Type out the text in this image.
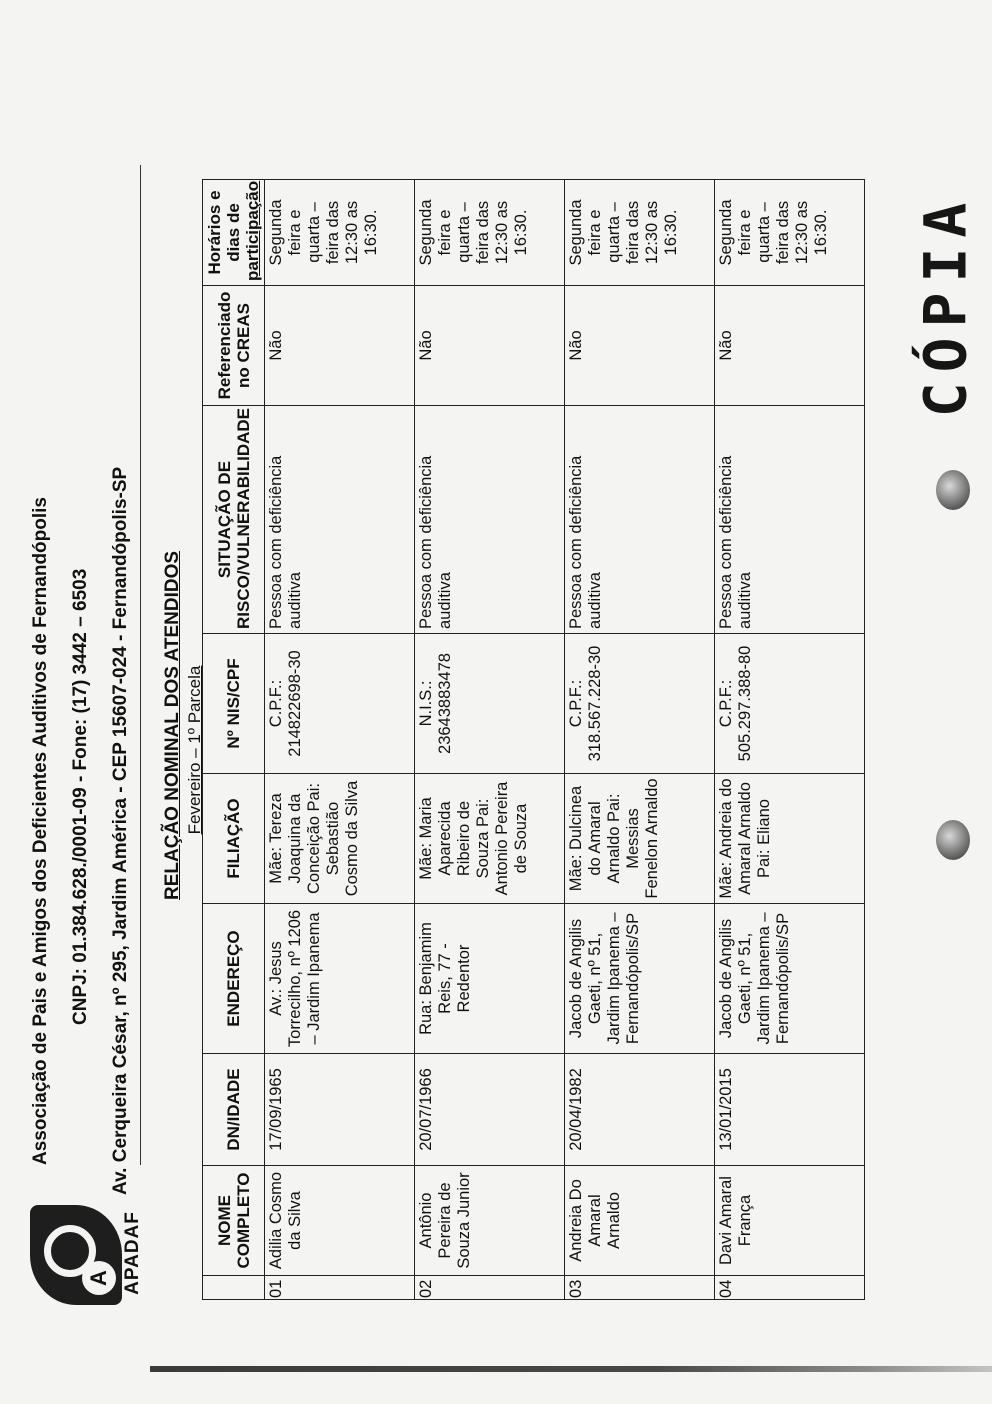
CÓPIA
A APADAF
Associação de Pais e Amigos dos Deficientes Auditivos de Fernandópolis CNPJ: 01.384.628./0001-09 - Fone: (17) 3442 – 6503 Av. Cerqueira César, nº 295, Jardim América - CEP 15607-024 - Fernandópolis-SP RELAÇÃO NOMINAL DOS ATENDIDOS Fevereiro – 1º Parcela
	NOME COMPLETO	DN/IDADE	ENDEREÇO	FILIAÇÃO	Nº NIS/CPF	SITUAÇÃO DE RISCO/VULNERABILIDADE	Referenciado no CREAS	Horários e dias de participação
01	Adilia Cosmo da Silva	17/09/1965	Av.: Jesus Torrecilho, nº 1206 – Jardim Ipanema	Mãe: Tereza Joaquina da Conceição Pai: Sebastião Cosmo da Silva	C.P.F.: 214822698-30	Pessoa com deficiência auditiva	Não	Segunda feira e quarta – feira das 12:30 as 16:30.
02	Antônio Pereira de Souza Junior	20/07/1966	Rua: Benjamim Reis, 77 - Redentor	Mãe: Maria Aparecida Ribeiro de Souza Pai: Antonio Pereira de Souza	N.I.S.: 23643883478	Pessoa com deficiência auditiva	Não	Segunda feira e quarta – feira das 12:30 as 16:30.
03	Andreia Do Amaral Arnaldo	20/04/1982	Jacob de Angilis Gaeti, nº 51, Jardim Ipanema – Fernandópolis/SP	Mãe: Dulcinea do Amaral Arnaldo Pai: Messias Fenelon Arnaldo	C.P.F.: 318.567.228-30	Pessoa com deficiência auditiva	Não	Segunda feira e quarta – feira das 12:30 as 16:30.
04	Davi Amaral França	13/01/2015	Jacob de Angilis Gaeti, nº 51, Jardim Ipanema – Fernandópolis/SP	Mãe: Andreia do Amaral Arnaldo Pai: Eliano	C.P.F.: 505.297.388-80	Pessoa com deficiência auditiva	Não	Segunda feira e quarta – feira das 12:30 as 16:30.
